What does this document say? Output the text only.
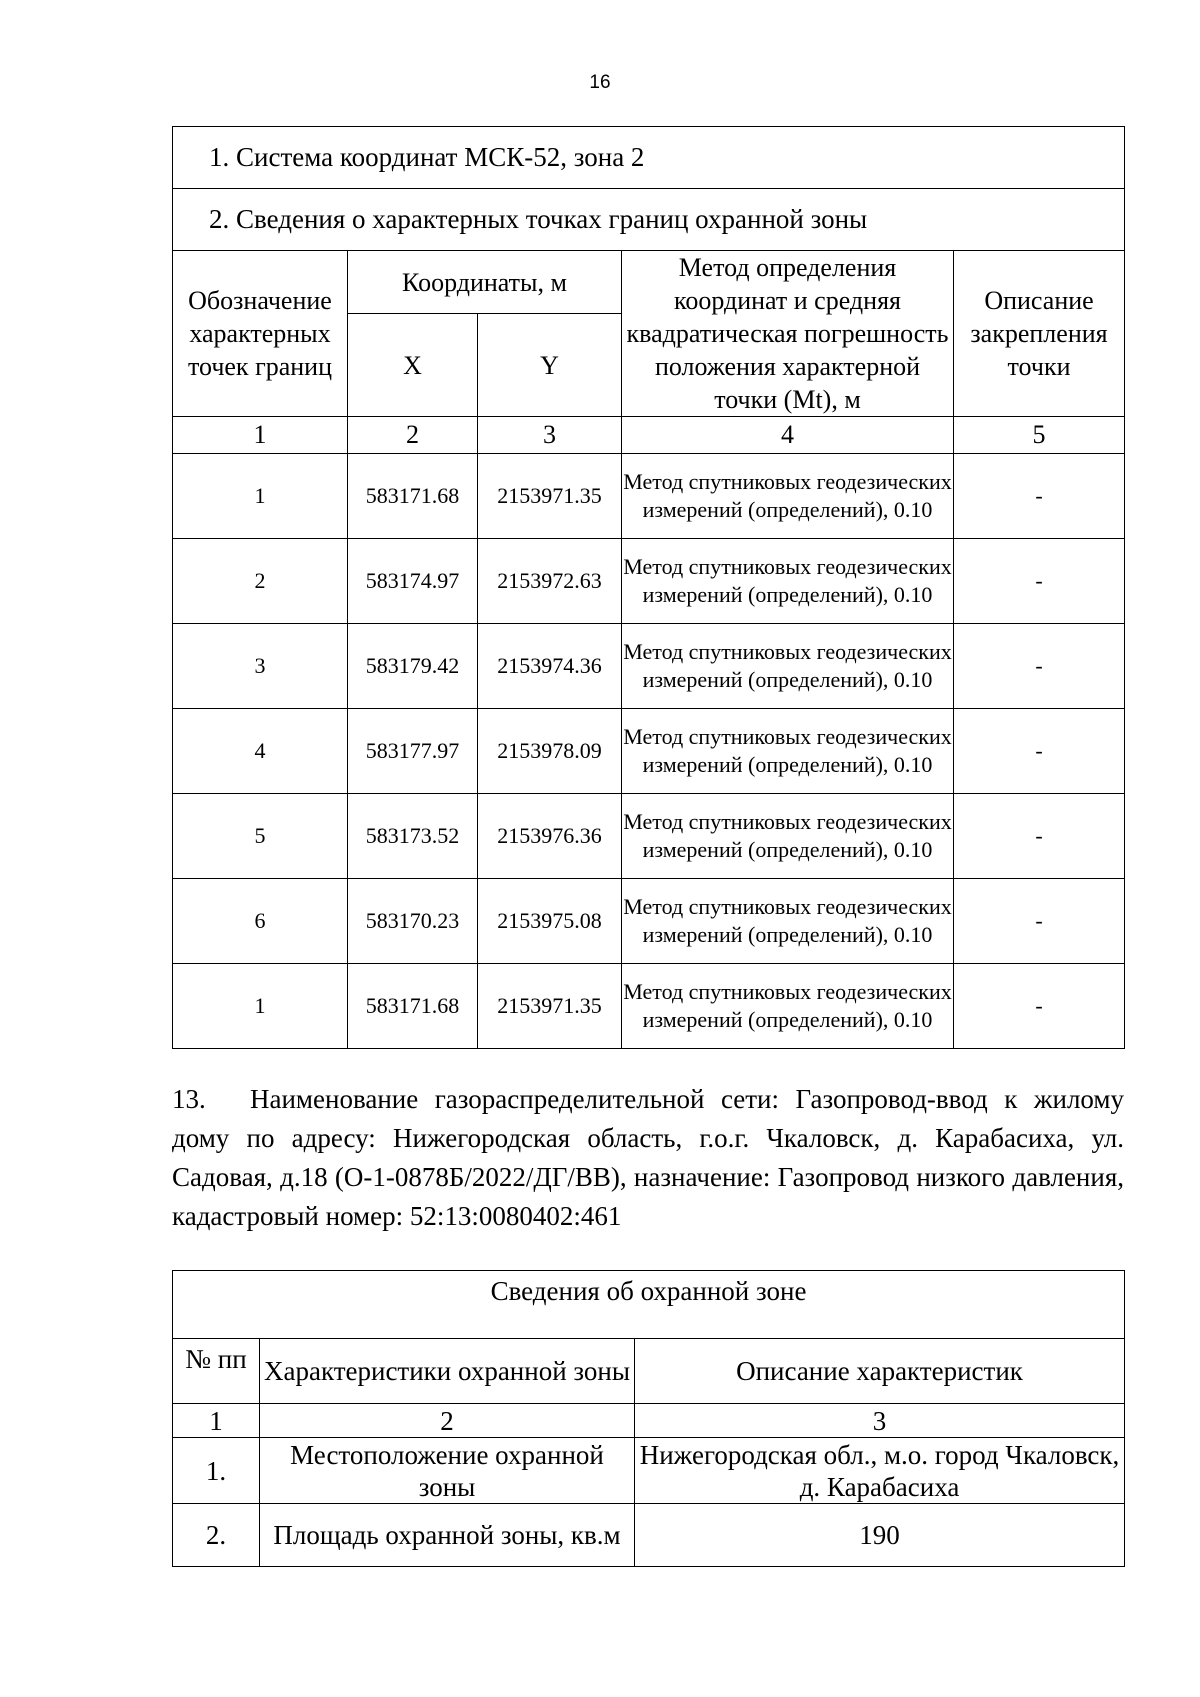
16
1. Система координат МСК-52, зона 2				
2. Сведения о характерных точках границ охранной зоны				
Обозначение характерных точек границ	Координаты, м		Метод определения координат и средняя квадратическая погрешность положения характерной точки (Mt), м	Описание закрепления точки
	X	Y		
1	2	3	4	5
1	583171.68	2153971.35	Метод спутниковых геодезических измерений (определений), 0.10	-
2	583174.97	2153972.63	Метод спутниковых геодезических измерений (определений), 0.10	-
3	583179.42	2153974.36	Метод спутниковых геодезических измерений (определений), 0.10	-
4	583177.97	2153978.09	Метод спутниковых геодезических измерений (определений), 0.10	-
5	583173.52	2153976.36	Метод спутниковых геодезических измерений (определений), 0.10	-
6	583170.23	2153975.08	Метод спутниковых геодезических измерений (определений), 0.10	-
1	583171.68	2153971.35	Метод спутниковых геодезических измерений (определений), 0.10	-

13. Наименование газораспределительной сети: Газопровод-ввод к жилому дому по адресу: Нижегородская область, г.о.г. Чкаловск, д. Карабасиха, ул. Садовая, д.18 (О-1-0878Б/2022/ДГ/ВВ), назначение: Газопровод низкого давления, кадастровый номер: 52:13:0080402:461

Сведения об охранной зоне		
№ пп	Характеристики охранной зоны	Описание характеристик
1	2	3
1.	Местоположение охранной зоны	Нижегородская обл., м.о. город Чкаловск, д. Карабасиха
2.	Площадь охранной зоны, кв.м	190
